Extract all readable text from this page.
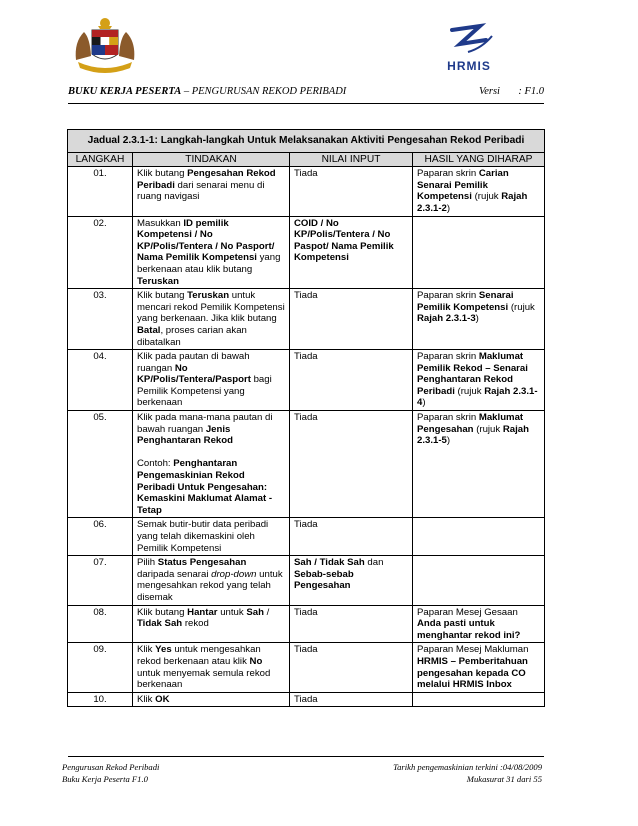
HRMIS
BUKU KERJA PESERTA – PENGURUSAN REKOD PERIBADI	Versi : F1.0
Jadual 2.3.1-1: Langkah-langkah Untuk Melaksanakan Aktiviti Pengesahan Rekod Peribadi			
LANGKAH	TINDAKAN	NILAI INPUT	HASIL YANG DIHARAP
01.	Klik butang Pengesahan Rekod Peribadi dari senarai menu di ruang navigasi	Tiada	Paparan skrin Carian Senarai Pemilik Kompetensi (rujuk Rajah 2.3.1-2)
02.	Masukkan ID pemilik Kompetensi / No KP/Polis/Tentera / No Pasport/ Nama Pemilik Kompetensi yang berkenaan atau klik butang Teruskan	COID / No KP/Polis/Tentera / No Paspot/ Nama Pemilik Kompetensi	
03.	Klik butang Teruskan untuk mencari rekod Pemilik Kompetensi yang berkenaan. Jika klik butang Batal, proses carian akan dibatalkan	Tiada	Paparan skrin Senarai Pemilik Kompetensi (rujuk Rajah 2.3.1-3)
04.	Klik pada pautan di bawah ruangan No KP/Polis/Tentera/Pasport bagi Pemilik Kompetensi yang berkenaan	Tiada	Paparan skrin Maklumat Pemilik Rekod – Senarai Penghantaran Rekod Peribadi (rujuk Rajah 2.3.1-4)
05.	Klik pada mana-mana pautan di bawah ruangan Jenis Penghantaran Rekod

Contoh: Penghantaran Pengemaskinian Rekod Peribadi Untuk Pengesahan: Kemaskini Maklumat Alamat - Tetap	Tiada	Paparan skrin Maklumat Pengesahan (rujuk Rajah 2.3.1-5)
06.	Semak butir-butir data peribadi yang telah dikemaskini oleh Pemilik Kompetensi	Tiada	
07.	Pilih Status Pengesahan daripada senarai drop-down untuk mengesahkan rekod yang telah disemak	Sah / Tidak Sah dan Sebab-sebab Pengesahan	
08.	Klik butang Hantar untuk Sah / Tidak Sah rekod	Tiada	Paparan Mesej Gesaan Anda pasti untuk menghantar rekod ini?
09.	Klik Yes untuk mengesahkan rekod berkenaan atau klik No untuk menyemak semula rekod berkenaan	Tiada	Paparan Mesej Makluman HRMIS – Pemberitahuan pengesahan kepada CO melalui HRMIS Inbox
10.	Klik OK	Tiada	
Pengurusan Rekod Peribadi
Buku Kerja Peserta F1.0
Tarikh pengemaskinian terkini :04/08/2009
Mukasurat 31 dari 55
